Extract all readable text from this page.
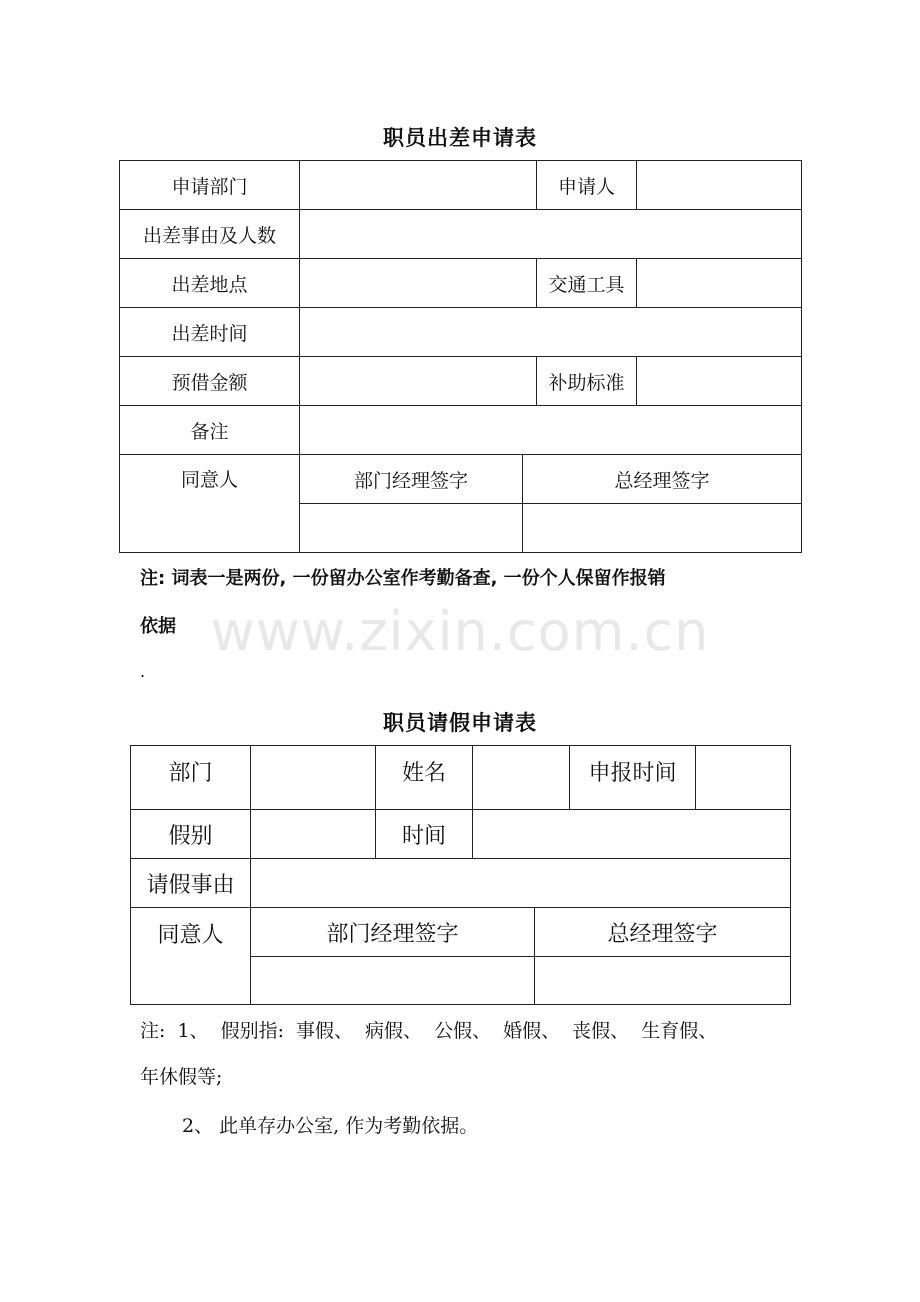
职员出差申请表
申请部门			申请人	
出差事由及人数				
出差地点			交通工具	
出差时间				
预借金额			补助标准	
备注				
同意人	部门经理签字	总经理签字		

注: 词表一是两份, 一份留办公室作考勤备查, 一份个人保留作报销
依据 www.zixin.com.cn
.
职员请假申请表
部门		姓名			申报时间	
假别		时间				
请假事由						
同意人	部门经理签字			总经理签字		

注: 1、 假别指: 事假、 病假、 公假、 婚假、 丧假、 生育假、
年休假等;
2、 此单存办公室, 作为考勤依据。
